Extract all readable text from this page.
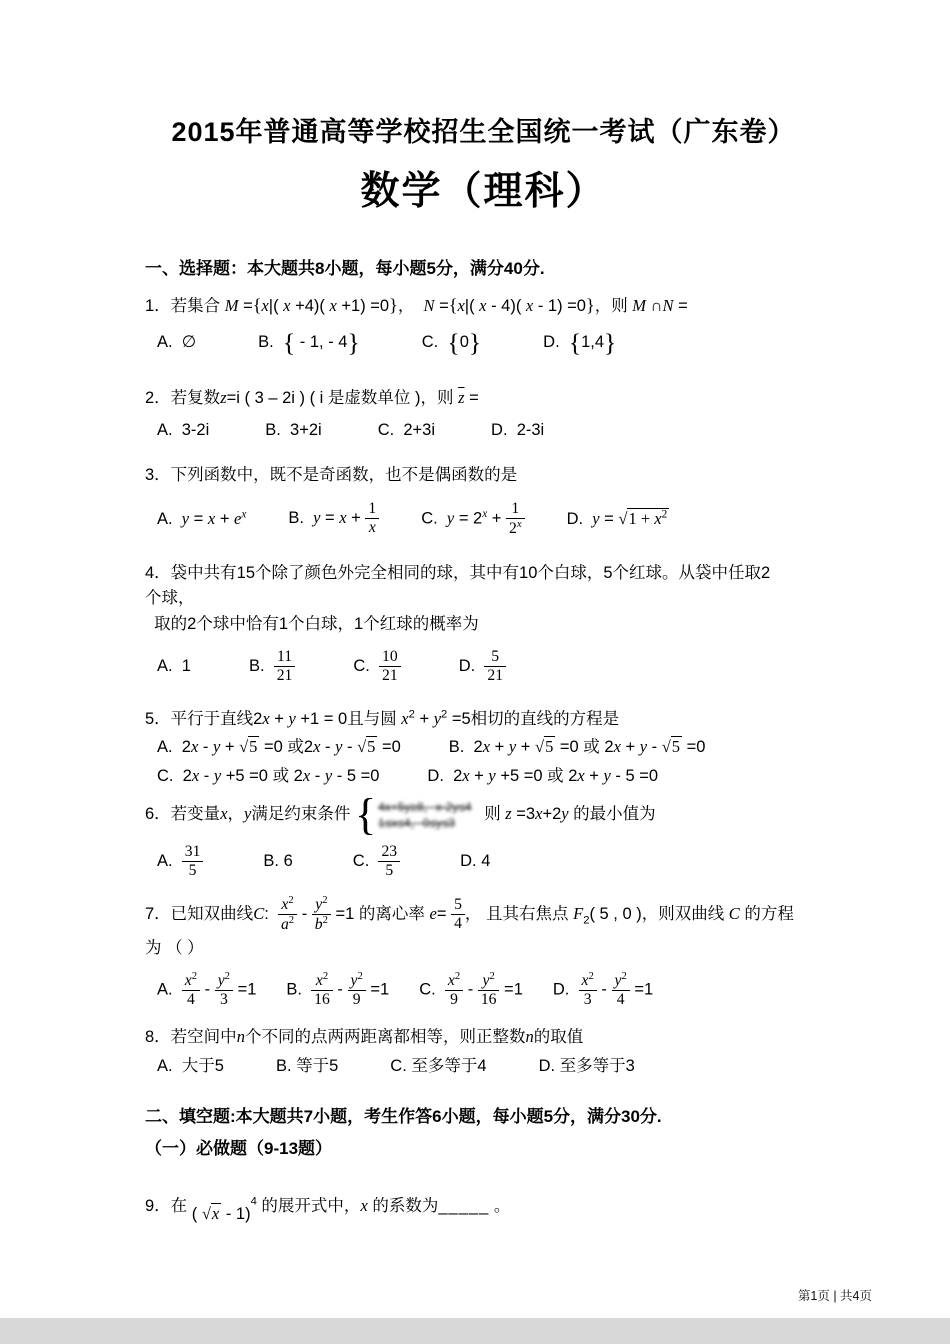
2015年普通高等学校招生全国统一考试（广东卷）
数学（理科）
一、选择题：本大题共8小题，每小题5分，满分40分.
1．若集合 M ={x|( x +4)( x +1) =0}，  N ={x|( x - 4)( x - 1) =0}，则 M ∩N =
A.  ∅	B.  { - 1, - 4}	C.  {0}	D.  {1,4}
2．若复数z=i ( 3 – 2i ) ( i 是虚数单位 )，则 $\overline{z}$ =
A.  3-2i	B.  3+2i	C.  2+3i	D.  2-3i
3．下列函数中，既不是奇函数，也不是偶函数的是
A.  $y = x + e^x$	B.  $y = x + \frac{1}{x}$	C.  $y = 2^x + \frac{1}{2^x}$	D.  $y = √1 + x^2$
4．袋中共有15个除了颜色外完全相同的球，其中有10个白球，5个红球。从袋中任取2
个球，
取的2个球中恰有1个白球，1个红球的概率为
A.  1	B. $\frac{11}{21}$	C. $\frac{10}{21}$	D. $\frac{5}{21}$
5．平行于直线2x + y +1 = 0且与圆 $x^2 + y^2 =5$相切的直线的方程是
A.  2x - y + √5 =0 或2x - y - √5 =0	B.  2x + y + √5 =0 或 2x + y - √5 =0
C.  2x - y +5 =0 或 2x - y - 5 =0	D.  2x + y +5 =0 或 2x + y - 5 =0
6．若变量x，y满足约束条件 { 4x+5y≥8，x-2y≤4
1≤x≤4，0≤y≤3	则 z =3x+2y 的最小值为
A. $\frac{31}{5}$	B. 6	C. $\frac{23}{5}$	D. 4
7．已知双曲线C: $\frac{x^2}{a^2} - \frac{y^2}{b^2} =1$ 的离心率 $e= \frac{5}{4}$ ， 且其右焦点 $F_2$( 5 , 0 )，则双曲线 C 的方程
为 （ ）
A. $\frac{x^2}{4} - \frac{y^2}{3} =1$ B. $\frac{x^2}{16} - \frac{y^2}{9} =1$ C. $\frac{x^2}{9} - \frac{y^2}{16} =1$ D. $\frac{x^2}{3} - \frac{y^2}{4} =1$
8．若空间中n个不同的点两两距离都相等，则正整数n的取值
A.  大于5	B. 等于5	C. 至多等于4	D. 至多等于3
二、填空题:本大题共7小题，考生作答6小题，每小题5分，满分30分.
（一）必做题（9-13题）
9．在 ( √x - 1)$^4$ 的展开式中，x 的系数为_____ 。
第1页 | 共4页
